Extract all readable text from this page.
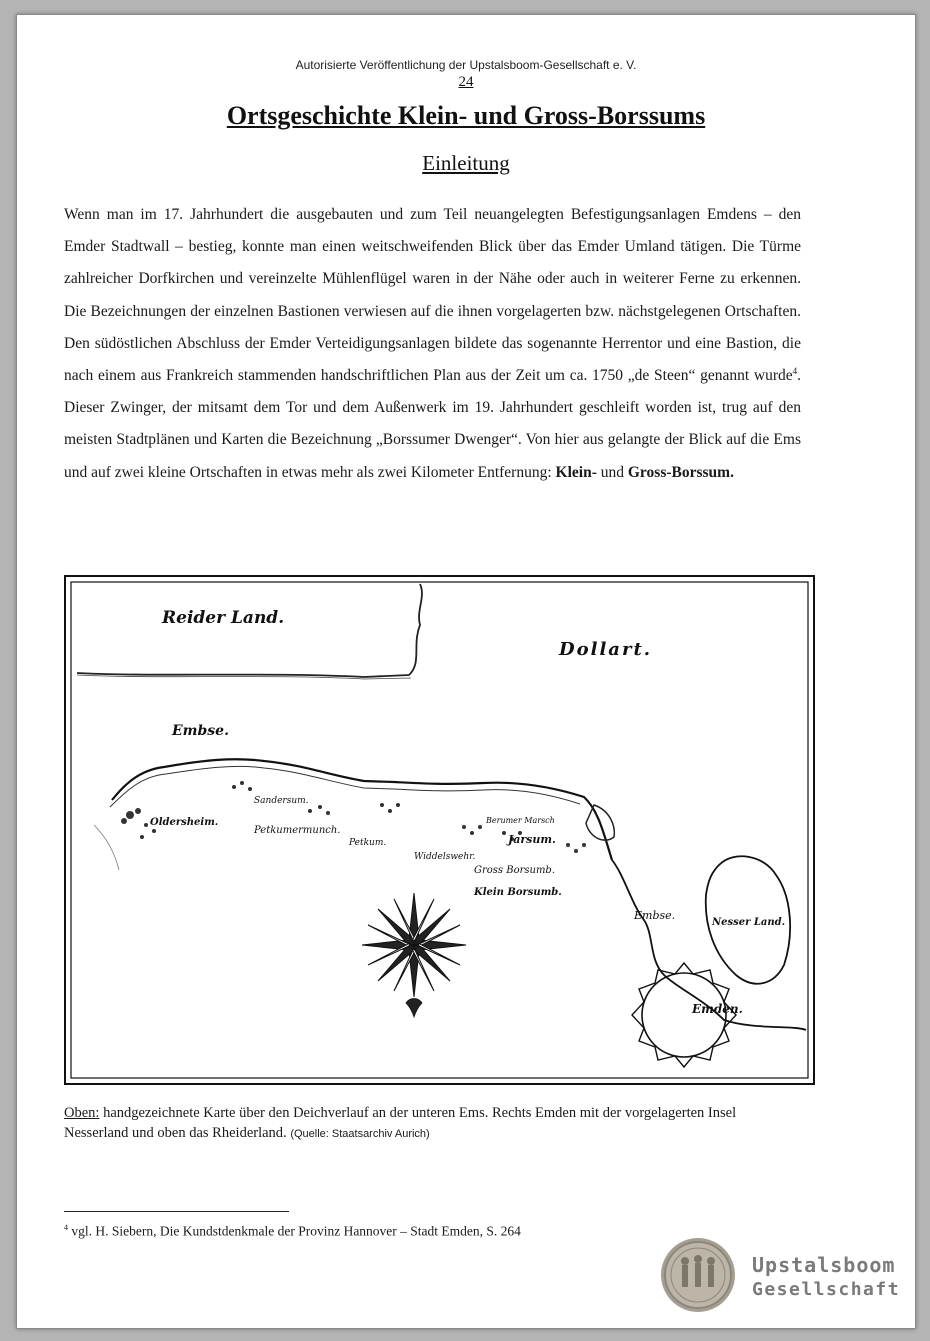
Autorisierte Veröffentlichung der Upstalsboom-Gesellschaft e. V.
24
Ortsgeschichte Klein- und Gross-Borssums
Einleitung

Wenn man im 17. Jahrhundert die ausgebauten und zum Teil neuangelegten Befestigungsanlagen Emdens – den Emder Stadtwall – bestieg, konnte man einen weitschweifenden Blick über das Emder Umland tätigen. Die Türme zahlreicher Dorfkirchen und vereinzelte Mühlenflügel waren in der Nähe oder auch in weiterer Ferne zu erkennen. Die Bezeichnungen der einzelnen Bastionen verwiesen auf die ihnen vorgelagerten bzw. nächstgelegenen Ortschaften. Den südöstlichen Abschluss der Emder Verteidigungsanlagen bildete das sogenannte Herrentor und eine Bastion, die nach einem aus Frankreich stammenden handschriftlichen Plan aus der Zeit um ca. 1750 „de Steen“ genannt wurde$^4$. Dieser Zwinger, der mitsamt dem Tor und dem Außenwerk im 19. Jahrhundert geschleift worden ist, trug auf den meisten Stadtplänen und Karten die Bezeichnung „Borssumer Dwenger“. Von hier aus gelangte der Blick auf die Ems und auf zwei kleine Ortschaften in etwas mehr als zwei Kilometer Entfernung: Klein- und Gross-Borssum.

Reider Land.
Dollart.
Embse.
Oldersheim.
Sandersum.
Petkumermunch.
Petkum.
Berumer Marsch
Jarsum.
Widdelswehr.
Gross Borsumb.
Klein Borsumb.
Embse.
Nesser Land.
Emden.

Oben: handgezeichnete Karte über den Deichverlauf an der unteren Ems. Rechts Emden mit der vorgelagerten Insel Nesserland und oben das Rheiderland. (Quelle: Staatsarchiv Aurich)

$^4$ vgl. H. Siebern, Die Kundstdenkmale der Provinz Hannover – Stadt Emden, S. 264
Upstalsboom
Gesellschaft
